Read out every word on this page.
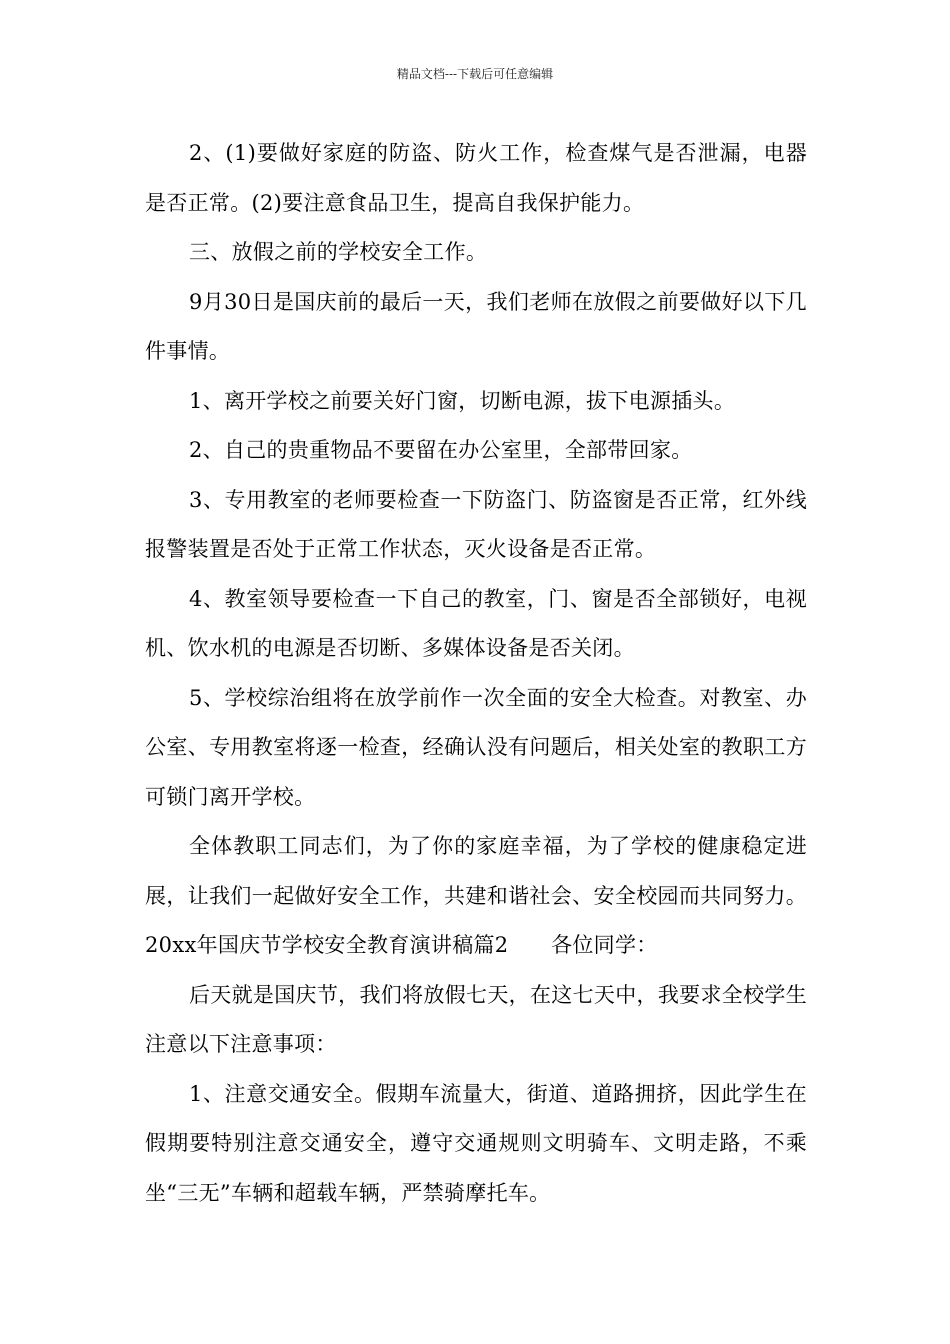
精品文档---下载后可任意编辑

2、(1)要做好家庭的防盗、防火工作，检查煤气是否泄漏，电器是否正常。(2)要注意食品卫生，提高自我保护能力。

三、放假之前的学校安全工作。

9月30日是国庆前的最后一天，我们老师在放假之前要做好以下几件事情。

1、离开学校之前要关好门窗，切断电源，拔下电源插头。

2、自己的贵重物品不要留在办公室里，全部带回家。

3、专用教室的老师要检查一下防盗门、防盗窗是否正常，红外线报警装置是否处于正常工作状态，灭火设备是否正常。

4、教室领导要检查一下自己的教室，门、窗是否全部锁好，电视机、饮水机的电源是否切断、多媒体设备是否关闭。

5、学校综治组将在放学前作一次全面的安全大检查。对教室、办公室、专用教室将逐一检查，经确认没有问题后，相关处室的教职工方可锁门离开学校。

全体教职工同志们，为了你的家庭幸福，为了学校的健康稳定进展，让我们一起做好安全工作，共建和谐社会、安全校园而共同努力。20xx年国庆节学校安全教育演讲稿篇2　　各位同学：

后天就是国庆节，我们将放假七天，在这七天中，我要求全校学生注意以下注意事项：

1、注意交通安全。假期车流量大，街道、道路拥挤，因此学生在假期要特别注意交通安全，遵守交通规则文明骑车、文明走路，不乘坐“三无”车辆和超载车辆，严禁骑摩托车。
